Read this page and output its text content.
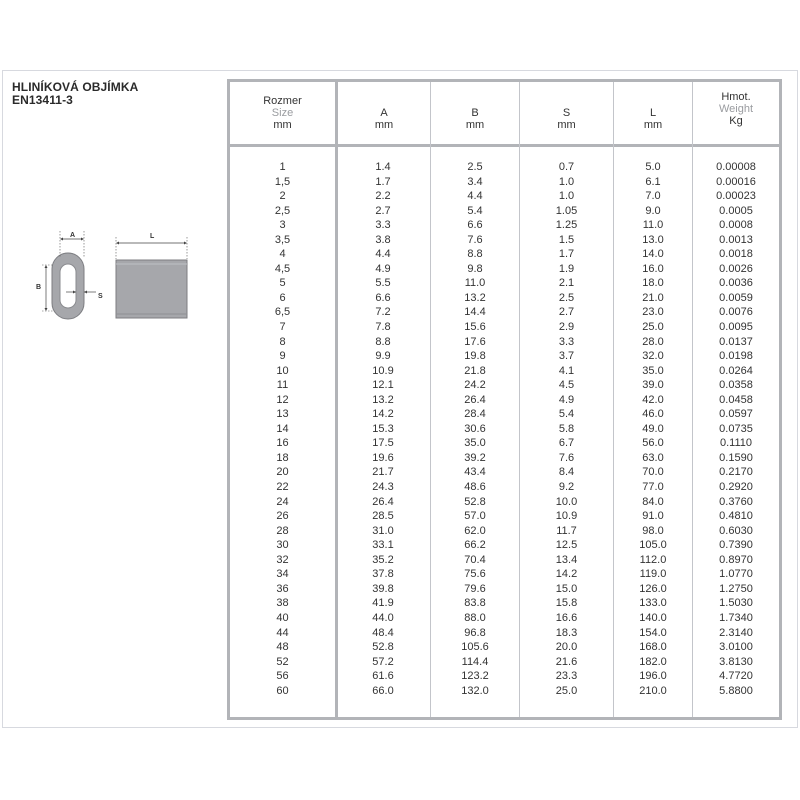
HLINÍKOVÁ OBJÍMKA
EN13411-3
A
B
S
L
Rozmer
Size
mm
A
mm
B
mm
S
mm
L
mm
Hmot.
Weight
Kg
1	1.4	2.5	0.7	5.0	0.00008
1,5	1.7	3.4	1.0	6.1	0.00016
2	2.2	4.4	1.0	7.0	0.00023
2,5	2.7	5.4	1.05	9.0	0.0005
3	3.3	6.6	1.25	11.0	0.0008
3,5	3.8	7.6	1.5	13.0	0.0013
4	4.4	8.8	1.7	14.0	0.0018
4,5	4.9	9.8	1.9	16.0	0.0026
5	5.5	11.0	2.1	18.0	0.0036
6	6.6	13.2	2.5	21.0	0.0059
6,5	7.2	14.4	2.7	23.0	0.0076
7	7.8	15.6	2.9	25.0	0.0095
8	8.8	17.6	3.3	28.0	0.0137
9	9.9	19.8	3.7	32.0	0.0198
10	10.9	21.8	4.1	35.0	0.0264
11	12.1	24.2	4.5	39.0	0.0358
12	13.2	26.4	4.9	42.0	0.0458
13	14.2	28.4	5.4	46.0	0.0597
14	15.3	30.6	5.8	49.0	0.0735
16	17.5	35.0	6.7	56.0	0.1110
18	19.6	39.2	7.6	63.0	0.1590
20	21.7	43.4	8.4	70.0	0.2170
22	24.3	48.6	9.2	77.0	0.2920
24	26.4	52.8	10.0	84.0	0.3760
26	28.5	57.0	10.9	91.0	0.4810
28	31.0	62.0	11.7	98.0	0.6030
30	33.1	66.2	12.5	105.0	0.7390
32	35.2	70.4	13.4	112.0	0.8970
34	37.8	75.6	14.2	119.0	1.0770
36	39.8	79.6	15.0	126.0	1.2750
38	41.9	83.8	15.8	133.0	1.5030
40	44.0	88.0	16.6	140.0	1.7340
44	48.4	96.8	18.3	154.0	2.3140
48	52.8	105.6	20.0	168.0	3.0100
52	57.2	114.4	21.6	182.0	3.8130
56	61.6	123.2	23.3	196.0	4.7720
60	66.0	132.0	25.0	210.0	5.8800
